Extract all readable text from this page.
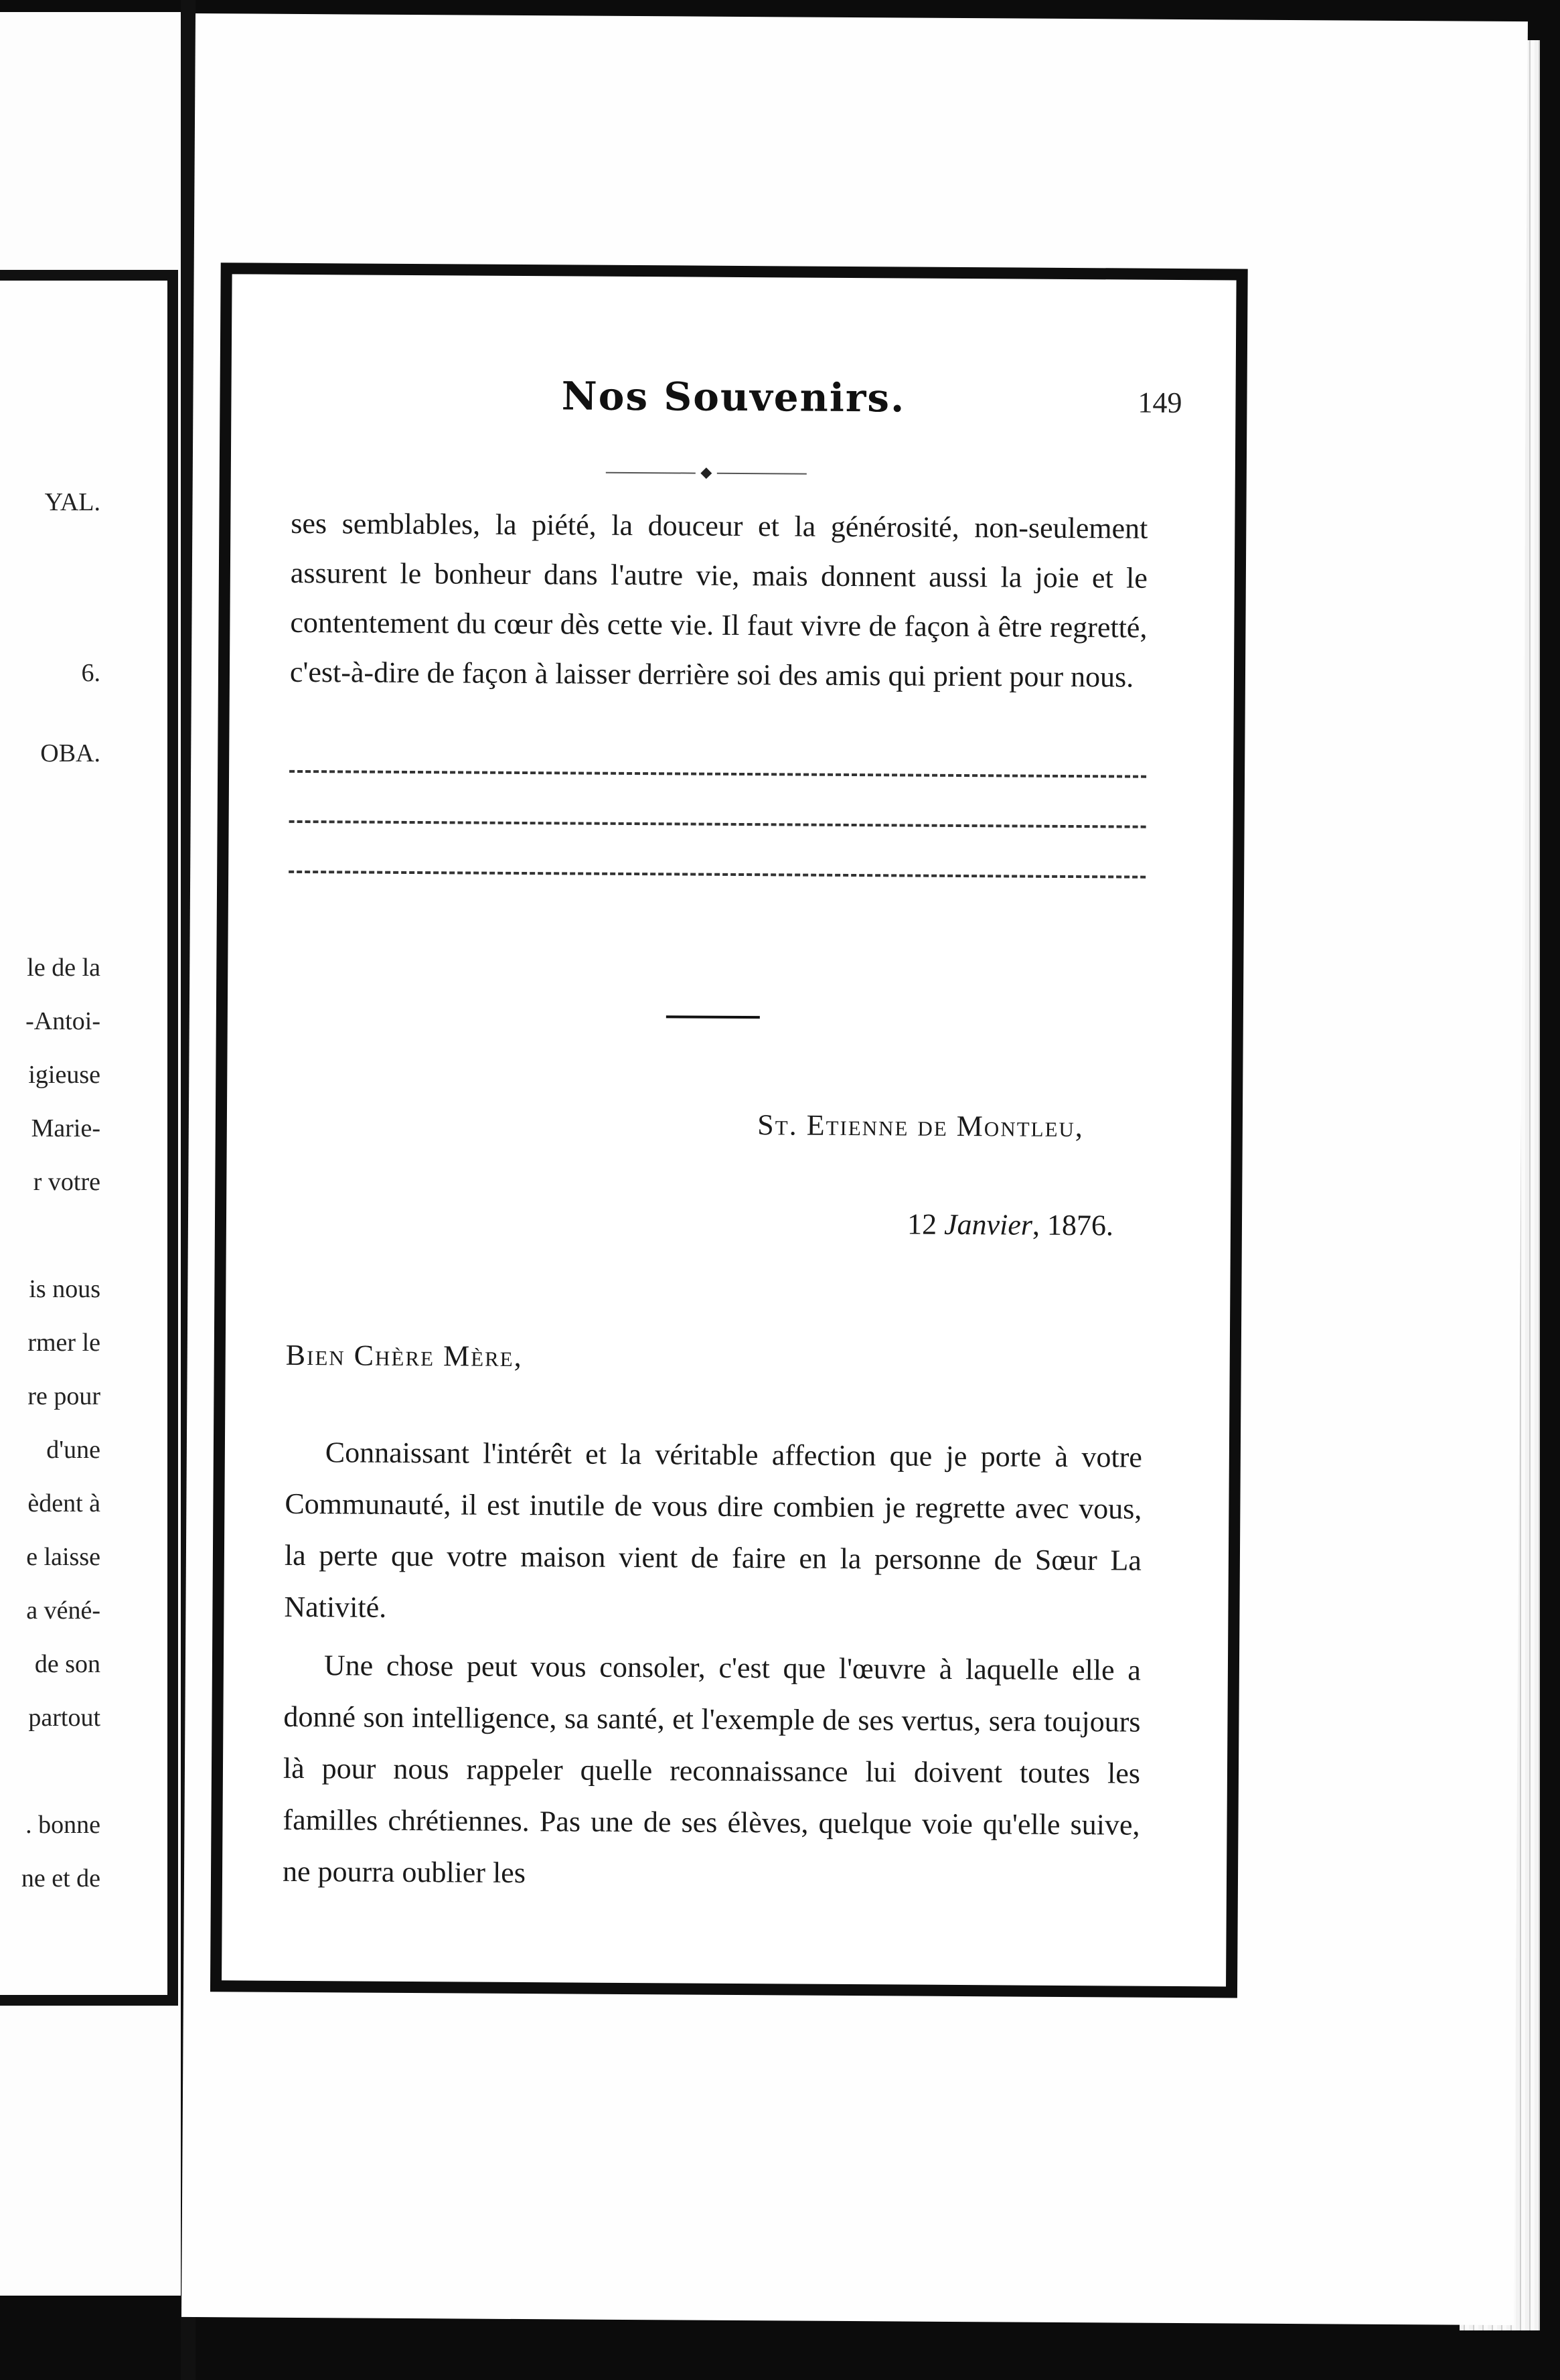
YAL.
6.
OBA.
le de la
-Antoi-
igieuse
Marie-
r votre
is nous
rmer le
re pour
d'une
èdent à
e laisse
a véné-
de son
partout
. bonne
ne et de
Nos Souvenirs.	149

ses semblables, la piété, la douceur et la générosité, non-seulement assurent le bonheur dans l'autre vie, mais donnent aussi la joie et le contentement du cœur dès cette vie. Il faut vivre de façon à être regretté, c'est-à-dire de façon à laisser derrière soi des amis qui prient pour nous.

St. Etienne de Montleu,
12 Janvier, 1876.
Bien Chère Mère,

Connaissant l'intérêt et la véritable affection que je porte à votre Communauté, il est inutile de vous dire combien je regrette avec vous, la perte que votre maison vient de faire en la personne de Sœur La Nativité.

Une chose peut vous consoler, c'est que l'œuvre à laquelle elle a donné son intelligence, sa santé, et l'exemple de ses vertus, sera toujours là pour nous rappeler quelle reconnaissance lui doivent toutes les familles chrétiennes. Pas une de ses élèves, quelque voie qu'elle suive, ne pourra oublier les
